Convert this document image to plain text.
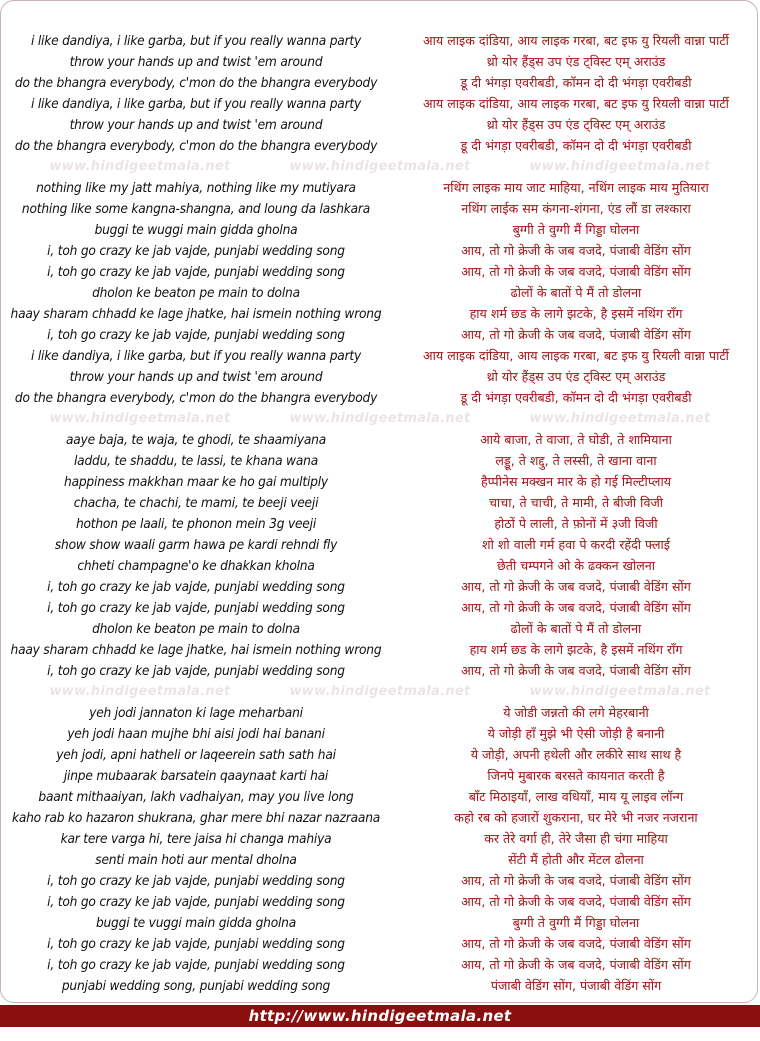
i like dandiya, i like garba, but if you really wanna party	आय लाइक दांडिया, आय लाइक गरबा, बट इफ यु रियली वान्ना पार्टी
throw your hands up and twist 'em around	थ्रो योर हैंड्स उप एंड ट्विस्ट एम् अराउंड
do the bhangra everybody, c'mon do the bhangra everybody	डू दी भंगड़ा एवरीबडी, कॉमन दो दी भंगड़ा एवरीबडी
i like dandiya, i like garba, but if you really wanna party	आय लाइक दांडिया, आय लाइक गरबा, बट इफ यु रियली वान्ना पार्टी
throw your hands up and twist 'em around	थ्रो योर हैंड्स उप एंड ट्विस्ट एम् अराउंड
do the bhangra everybody, c'mon do the bhangra everybody	डू दी भंगड़ा एवरीबडी, कॉमन दो दी भंगड़ा एवरीबडी
www.hindigeetmala.net	www.hindigeetmala.net	www.hindigeetmala.net
nothing like my jatt mahiya, nothing like my mutiyara	नथिंग लाइक माय जाट माहिया, नथिंग लाइक माय मुतियारा
nothing like some kangna-shangna, and loung da lashkara	नथिंग लाईक सम कंगना-शंगना, एंड लौं डा लश्कारा
buggi te wuggi main gidda gholna	बुग्गी ते वुग्गी मैं गिड्डा घोलना
i, toh go crazy ke jab vajde, punjabi wedding song	आय, तो गो क्रेजी के जब वजदे, पंजाबी वेडिंग सोंग
i, toh go crazy ke jab vajde, punjabi wedding song	आय, तो गो क्रेजी के जब वजदे, पंजाबी वेडिंग सोंग
dholon ke beaton pe main to dolna	ढोलों के बातों पे मैं तो डोलना
haay sharam chhadd ke lage jhatke, hai ismein nothing wrong	हाय शर्म छड के लागे झटके, है इसमें नथिंग रॉंग
i, toh go crazy ke jab vajde, punjabi wedding song	आय, तो गो क्रेजी के जब वजदे, पंजाबी वेडिंग सोंग
i like dandiya, i like garba, but if you really wanna party	आय लाइक दांडिया, आय लाइक गरबा, बट इफ यु रियली वान्ना पार्टी
throw your hands up and twist 'em around	थ्रो योर हैंड्स उप एंड ट्विस्ट एम् अराउंड
do the bhangra everybody, c'mon do the bhangra everybody	डू दी भंगड़ा एवरीबडी, कॉमन दो दी भंगड़ा एवरीबडी
www.hindigeetmala.net	www.hindigeetmala.net	www.hindigeetmala.net
aaye baja, te waja, te ghodi, te shaamiyana	आये बाजा, ते वाजा, ते घोडी, ते शामियाना
laddu, te shaddu, te lassi, te khana wana	लड्डू, ते शद्दु, ते लस्सी, ते खाना वाना
happiness makkhan maar ke ho gai multiply	हैप्पीनेस मक्खन मार के हो गई मिल्टीप्लाय
chacha, te chachi, te mami, te beeji veeji	चाचा, ते चाची, ते मामी, ते बीजी विजी
hothon pe laali, te phonon mein 3g veeji	होठों पे लाली, ते फ़ोनों में ३जी विजी
show show waali garm hawa pe kardi rehndi fly	शो शो वाली गर्म हवा पे करदी रहेंदी फ्लाई
chheti champagne'o ke dhakkan kholna	छेती चम्पगने ओ के ढक्कन खोलना
i, toh go crazy ke jab vajde, punjabi wedding song	आय, तो गो क्रेजी के जब वजदे, पंजाबी वेडिंग सोंग
i, toh go crazy ke jab vajde, punjabi wedding song	आय, तो गो क्रेजी के जब वजदे, पंजाबी वेडिंग सोंग
dholon ke beaton pe main to dolna	ढोलों के बातों पे मैं तो डोलना
haay sharam chhadd ke lage jhatke, hai ismein nothing wrong	हाय शर्म छड के लागे झटके, है इसमें नथिंग रॉंग
i, toh go crazy ke jab vajde, punjabi wedding song	आय, तो गो क्रेजी के जब वजदे, पंजाबी वेडिंग सोंग
www.hindigeetmala.net	www.hindigeetmala.net	www.hindigeetmala.net
yeh jodi jannaton ki lage meharbani	ये जोडी जन्नतो की लगे मेहरबानी
yeh jodi haan mujhe bhi aisi jodi hai banani	ये जोड़ी हाँ मुझे भी ऐसी जोड़ी है बनानी
yeh jodi, apni hatheli or laqeerein sath sath hai	ये जोड़ी, अपनी हथेली और लकीरे साथ साथ है
jinpe mubaarak barsatein qaaynaat karti hai	जिनपे मुबारक बरसते कायनात करती है
baant mithaaiyan, lakh vadhaiyan, may you live long	बाँट मिठाइयाँ, लाख वधियाँ, माय यू लाइव लॉन्ग
kaho rab ko hazaron shukrana, ghar mere bhi nazar nazraana	कहो रब को हजारों शुकराना, घर मेरे भी नजर नजराना
kar tere varga hi, tere jaisa hi changa mahiya	कर तेरे वर्गा ही, तेरे जैसा ही चंगा माहिया
senti main hoti aur mental dholna	सेंटी मैं होती और मेंटल ढोलना
i, toh go crazy ke jab vajde, punjabi wedding song	आय, तो गो क्रेजी के जब वजदे, पंजाबी वेडिंग सोंग
i, toh go crazy ke jab vajde, punjabi wedding song	आय, तो गो क्रेजी के जब वजदे, पंजाबी वेडिंग सोंग
buggi te vuggi main gidda gholna	बुग्गी ते वुग्गी मैं गिड्डा घोलना
i, toh go crazy ke jab vajde, punjabi wedding song	आय, तो गो क्रेजी के जब वजदे, पंजाबी वेडिंग सोंग
i, toh go crazy ke jab vajde, punjabi wedding song	आय, तो गो क्रेजी के जब वजदे, पंजाबी वेडिंग सोंग
punjabi wedding song, punjabi wedding song	पंजाबी वेडिंग सोंग, पंजाबी वेडिंग सोंग
http://www.hindigeetmala.net
